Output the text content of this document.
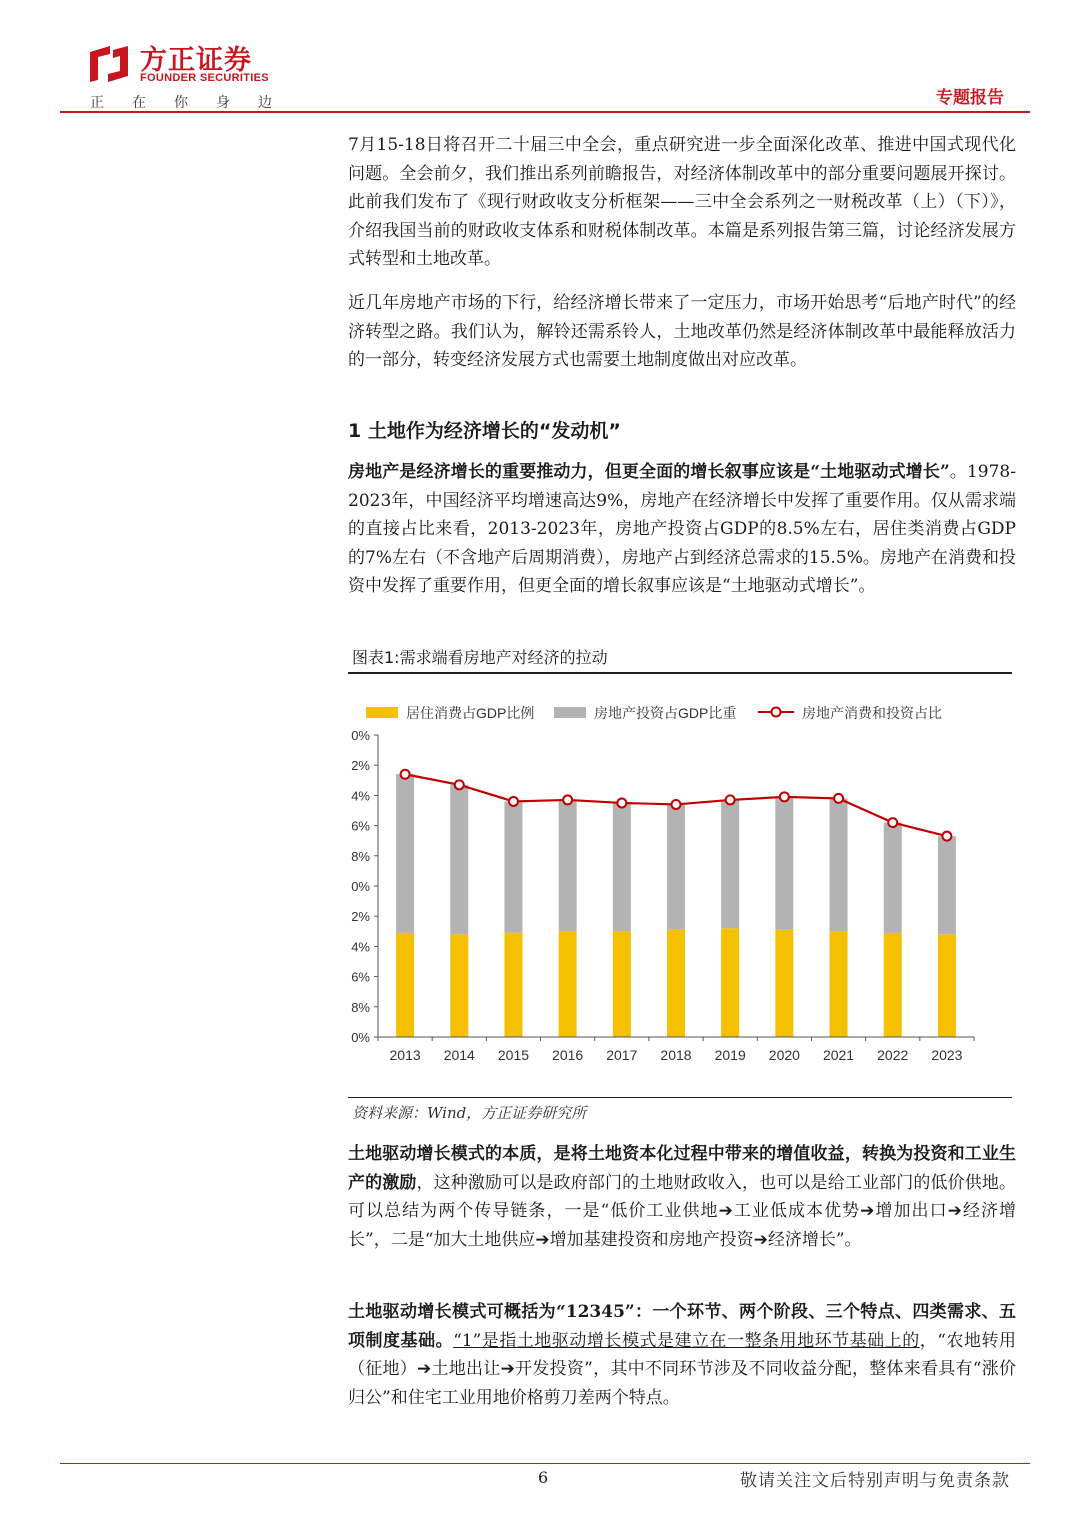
方正证券
FOUNDER SECURITIES
正在你身边	专题报告
7月15-18日将召开二十届三中全会，重点研究进一步全面深化改革、推进中国式现代化问题。全会前夕，我们推出系列前瞻报告，对经济体制改革中的部分重要问题展开探讨。此前我们发布了《现行财政收支分析框架——三中全会系列之一财税改革（上）（下）》，介绍我国当前的财政收支体系和财税体制改革。本篇是系列报告第三篇，讨论经济发展方式转型和土地改革。
近几年房地产市场的下行，给经济增长带来了一定压力，市场开始思考“后地产时代”的经济转型之路。我们认为，解铃还需系铃人，土地改革仍然是经济体制改革中最能释放活力的一部分，转变经济发展方式也需要土地制度做出对应改革。
1 土地作为经济增长的“发动机”
房地产是经济增长的重要推动力，但更全面的增长叙事应该是“土地驱动式增长”。1978-2023年，中国经济平均增速高达9%，房地产在经济增长中发挥了重要作用。仅从需求端的直接占比来看，2013-2023年，房地产投资占GDP的8.5%左右，居住类消费占GDP的7%左右（不含地产后周期消费），房地产占到经济总需求的15.5%。房地产在消费和投资中发挥了重要作用，但更全面的增长叙事应该是“土地驱动式增长”。
图表1:需求端看房地产对经济的拉动
居住消费占GDP比例	房地产投资占GDP比重	房地产消费和投资占比
0%
2%
4%
6%
8%
0%
2%
4%
6%
8%
0%
2013 2014 2015 2016 2017 2018 2019 2020 2021 2022 2023
资料来源：Wind，方正证券研究所
土地驱动增长模式的本质，是将土地资本化过程中带来的增值收益，转换为投资和工业生产的激励，这种激励可以是政府部门的土地财政收入，也可以是给工业部门的低价供地。可以总结为两个传导链条，一是“低价工业供地➔工业低成本优势➔增加出口➔经济增长”，二是“加大土地供应➔增加基建投资和房地产投资➔经济增长”。
土地驱动增长模式可概括为“12345”：一个环节、两个阶段、三个特点、四类需求、五项制度基础。“1”是指土地驱动增长模式是建立在一整条用地环节基础上的，“农地转用（征地）➔土地出让➔开发投资”，其中不同环节涉及不同收益分配，整体来看具有“涨价归公”和住宅工业用地价格剪刀差两个特点。
6	敬请关注文后特别声明与免责条款
